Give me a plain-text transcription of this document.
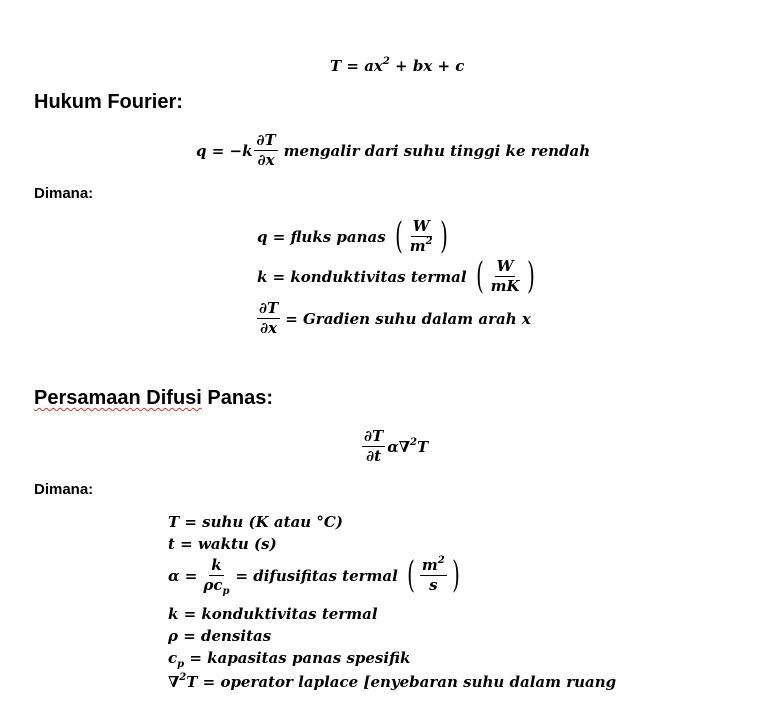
$T = ax^2$ + bx + c
Hukum Fourier:
$q = -k \frac{\partial T}{\partial x}$ mengalir dari suhu tinggi ke rendah
Dimana:
q = fluks panas ( $\frac{W}{m^2}$ )
k = konduktivitas termal ( $\frac{W}{mK}$ )
$\frac{\partial T}{\partial x}$ = Gradien suhu dalam arah x
Persamaan Difusi Panas:
$\frac{\partial T}{\partial t} \alpha\nabla^2T$
Dimana:
T = suhu (K atau °C)
t = waktu (s)
$\alpha = \frac{k}{\rho c_p}$ = difusifitas termal ( $\frac{m^2}{s}$ )
k = konduktivitas termal
ρ = densitas
$c_p$ = kapasitas panas spesifik
∇$^2$T = operator laplace [enyebaran suhu dalam ruang
